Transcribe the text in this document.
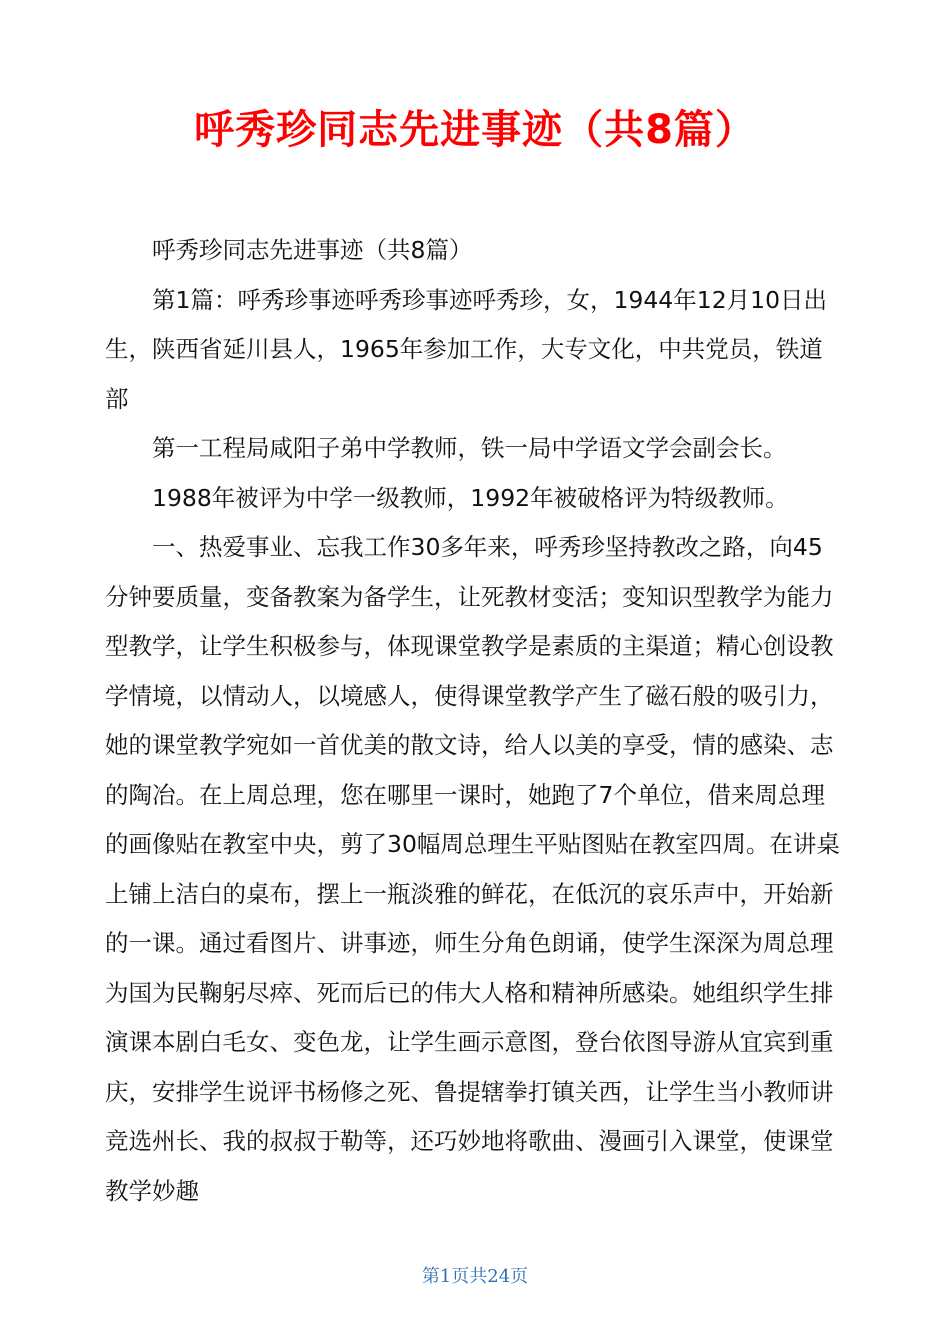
呼秀珍同志先进事迹（共8篇）

呼秀珍同志先进事迹（共8篇）

第1篇：呼秀珍事迹呼秀珍事迹呼秀珍，女，1944年12月10日出生，陕西省延川县人，1965年参加工作，大专文化，中共党员，铁道部

第一工程局咸阳子弟中学教师，铁一局中学语文学会副会长。

1988年被评为中学一级教师，1992年被破格评为特级教师。

一、热爱事业、忘我工作30多年来，呼秀珍坚持教改之路，向45分钟要质量，变备教案为备学生，让死教材变活；变知识型教学为能力型教学，让学生积极参与，体现课堂教学是素质的主渠道；精心创设教学情境，以情动人，以境感人，使得课堂教学产生了磁石般的吸引力，她的课堂教学宛如一首优美的散文诗，给人以美的享受，情的感染、志的陶冶。在上周总理，您在哪里一课时，她跑了7个单位，借来周总理的画像贴在教室中央，剪了30幅周总理生平贴图贴在教室四周。在讲桌上铺上洁白的桌布，摆上一瓶淡雅的鲜花，在低沉的哀乐声中，开始新的一课。通过看图片、讲事迹，师生分角色朗诵，使学生深深为周总理为国为民鞠躬尽瘁、死而后已的伟大人格和精神所感染。她组织学生排演课本剧白毛女、变色龙，让学生画示意图，登台依图导游从宜宾到重庆，安排学生说评书杨修之死、鲁提辖拳打镇关西，让学生当小教师讲竞选州长、我的叔叔于勒等，还巧妙地将歌曲、漫画引入课堂，使课堂教学妙趣

第1页共24页
